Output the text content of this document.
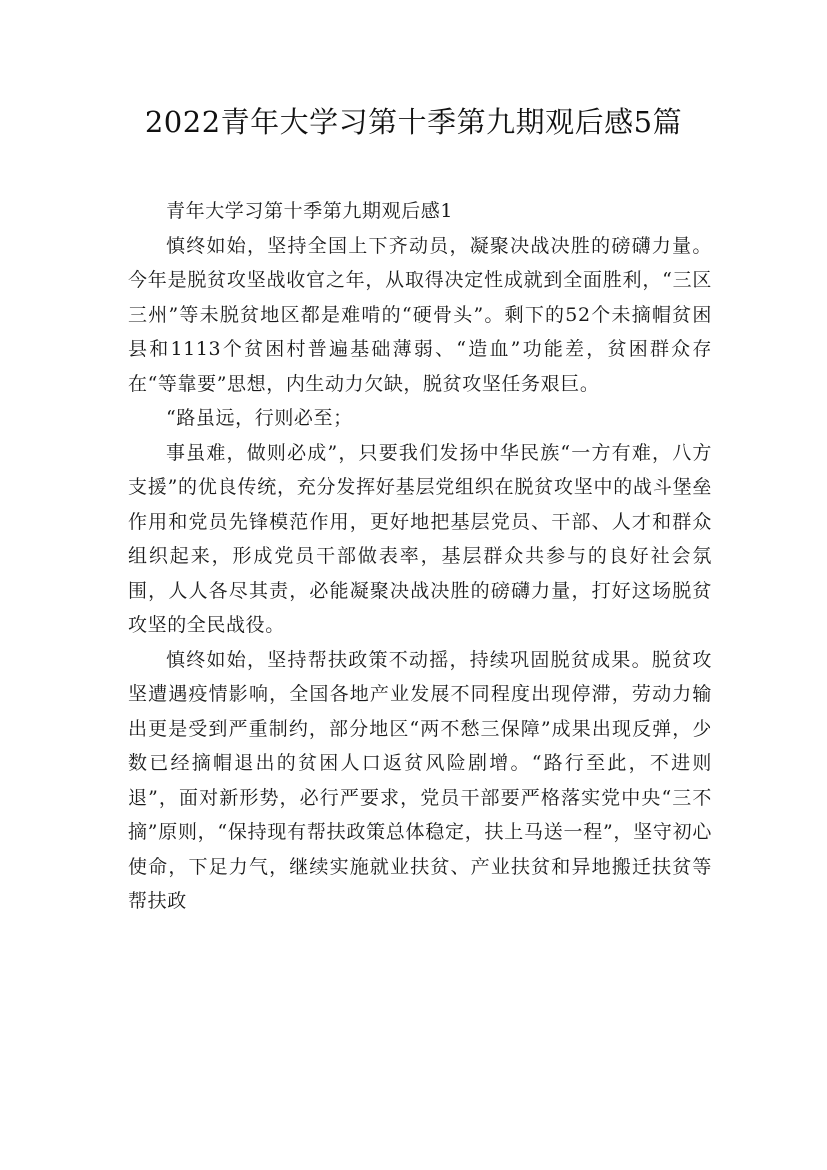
2022青年大学习第十季第九期观后感5篇

青年大学习第十季第九期观后感1

慎终如始，坚持全国上下齐动员，凝聚决战决胜的磅礴力量。今年是脱贫攻坚战收官之年，从取得决定性成就到全面胜利，“三区三州”等未脱贫地区都是难啃的“硬骨头”。剩下的52个未摘帽贫困县和1113个贫困村普遍基础薄弱、“造血”功能差，贫困群众存在“等靠要”思想，内生动力欠缺，脱贫攻坚任务艰巨。

“路虽远，行则必至；

事虽难，做则必成”，只要我们发扬中华民族“一方有难，八方支援”的优良传统，充分发挥好基层党组织在脱贫攻坚中的战斗堡垒作用和党员先锋模范作用，更好地把基层党员、干部、人才和群众组织起来，形成党员干部做表率，基层群众共参与的良好社会氛围，人人各尽其责，必能凝聚决战决胜的磅礴力量，打好这场脱贫攻坚的全民战役。

慎终如始，坚持帮扶政策不动摇，持续巩固脱贫成果。脱贫攻坚遭遇疫情影响，全国各地产业发展不同程度出现停滞，劳动力输出更是受到严重制约，部分地区“两不愁三保障”成果出现反弹，少数已经摘帽退出的贫困人口返贫风险剧增。“路行至此，不进则退”，面对新形势，必行严要求，党员干部要严格落实党中央“三不摘”原则，“保持现有帮扶政策总体稳定，扶上马送一程”，坚守初心使命，下足力气，继续实施就业扶贫、产业扶贫和异地搬迁扶贫等帮扶政
